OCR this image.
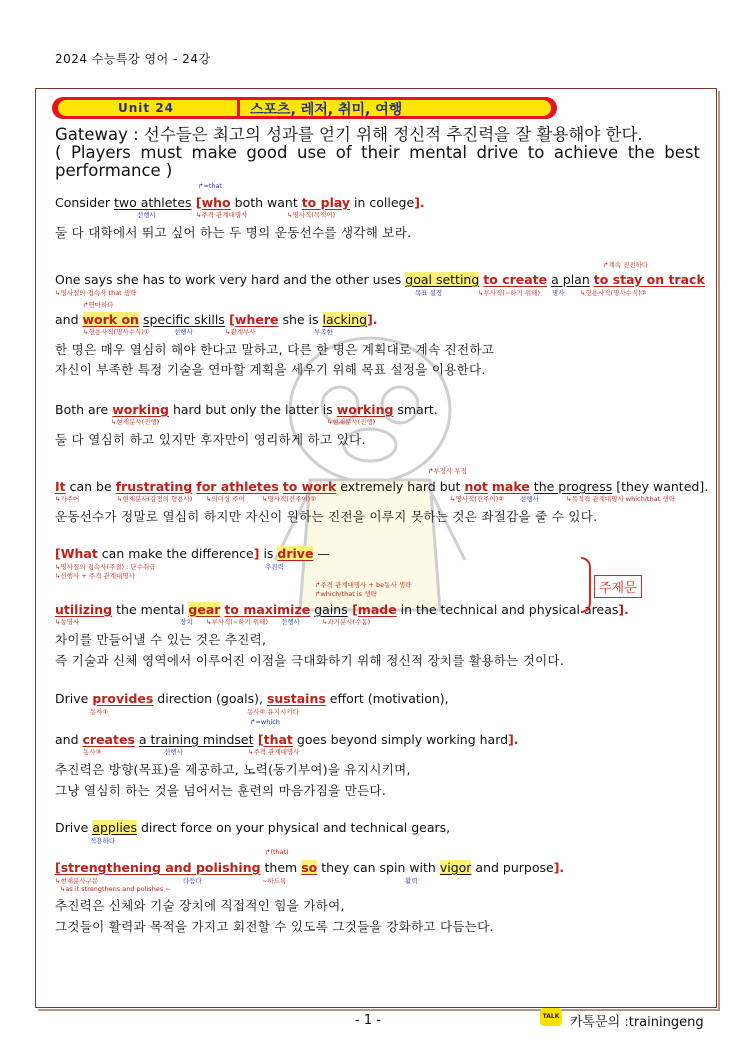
2024 수능특강 영어 - 24강
Unit 24	스포츠, 레저, 취미, 여행
Gateway : 선수들은 최고의 성과를 얻기 위해 정신적 추진력을 잘 활용해야 한다.
( Players must make good use of their mental drive to achieve the best performance )
↱=that
Consider two athletes [who both want to play in college].
선행사	↳주격 관계대명사	↳명사적(목적어)
둘 다 대학에서 뛰고 싶어 하는 두 명의 운동선수를 생각해 보라.
↱계속 진전하다
One says she has to work very hard and the other uses goal setting to create a plan to stay on track
↳명사절의 접속사 that 생략	목표 설정	↳부사적(~하기 위해) 명사 ↳형용사적(명사수식)②
↱연마하다
and work on specific skills [where she is lacking].
↳형용사적(명사수식)①	선행사	↳관계부사	부족한
한 명은 매우 열심히 해야 한다고 말하고, 다른 한 명은 계획대로 계속 진전하고
자신이 부족한 특정 기술을 연마할 계획을 세우기 위해 목표 설정을 이용한다.
Both are working hard but only the latter is working smart.
↳현재분사(진행)	↳현재분사(진행)
둘 다 열심히 하고 있지만 후자만이 영리하게 하고 있다.
↱부정사 부정
It can be frustrating for athletes to work extremely hard but not make the progress [they wanted].
↳가주어	↳현재분사(감정의 형용사) ↳의미상 주어	↳명사적(진주어)①	↳명사적(진주어)② 선행사	↳목적격 관계대명사 which/that 생략
운동선수가 정말로 열심히 하지만 자신이 원하는 진전을 이루지 못하는 것은 좌절감을 줄 수 있다.
[What can make the difference] is drive —
↳명사절의 접속사(주절) : 단수취급
↳선행사 + 주격 관계대명사
추진력
↱주격 관계대명사 + be동사 생략
↱which/that is 생략
utilizing the mental gear to maximize gains [made in the technical and physical areas].
↳동명사	장치 ↳부사적(~하기 위해) 선행사	↳과거분사(수동)
차이를 만들어낼 수 있는 것은 추진력,
즉 기술과 신체 영역에서 이루어진 이점을 극대화하기 위해 정신적 장치를 활용하는 것이다.
주제문
Drive provides direction (goals), sustains effort (motivation),
동사①	동사② 유지시키다
↱=which
and creates a training mindset [that goes beyond simply working hard].
동사③	선행사	↳주격 관계대명사
추진력은 방향(목표)을 제공하고, 노력(동기부여)을 유지시키며,
그냥 열심히 하는 것을 넘어서는 훈련의 마음가짐을 만든다.
Drive applies direct force on your physical and technical gears,
적용하다
↱(that)
[strengthening and polishing them so they can spin with vigor and purpose].
↳현재분사구문
↳as it strengthens and polishes ~
다듬다	~하도록	활력
추진력은 신체와 기술 장치에 직접적인 힘을 가하여,
그것들이 활력과 목적을 가지고 회전할 수 있도록 그것들을 강화하고 다듬는다.
- 1 -	TALK 카톡문의 :trainingeng
